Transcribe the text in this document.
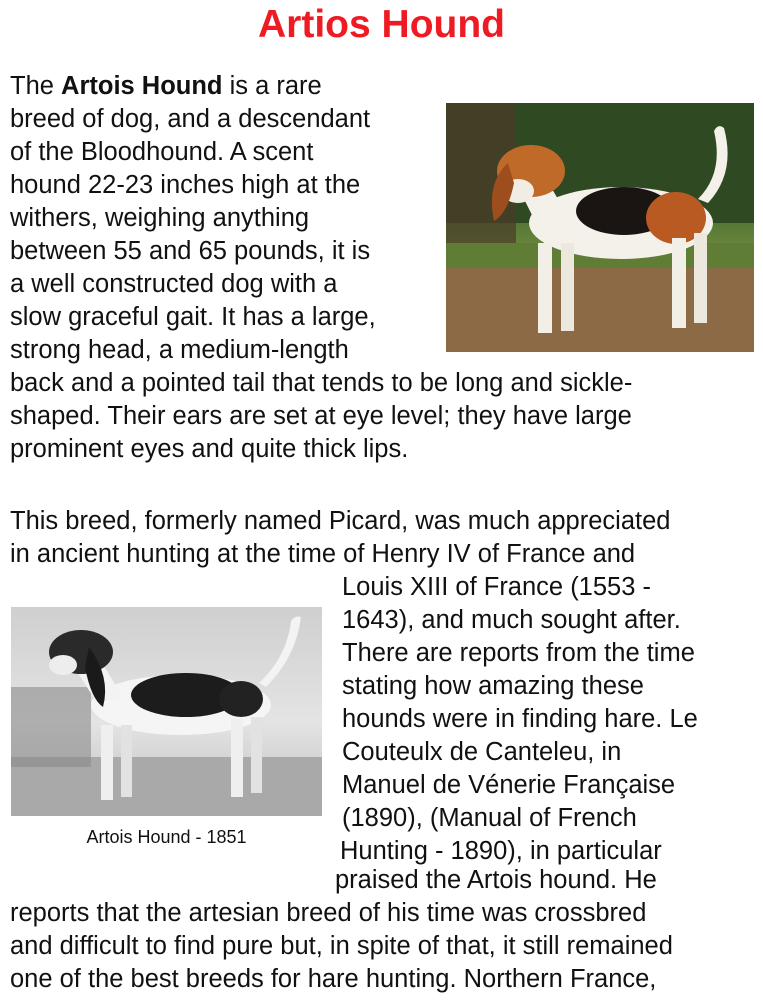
Artios Hound
The Artois Hound is a rare
breed of dog, and a descendant
of the Bloodhound. A scent
hound 22-23 inches high at the
withers, weighing anything
between 55 and 65 pounds, it is
a well constructed dog with a
slow graceful gait. It has a large,
strong head, a medium-length
back and a pointed tail that tends to be long and sickle-
shaped. Their ears are set at eye level; they have large
prominent eyes and quite thick lips.
This breed, formerly named Picard, was much appreciated
in ancient hunting at the time of Henry IV of France and
Louis XIII of France (1553 -
1643), and much sought after.
There are reports from the time
stating how amazing these
hounds were in finding hare. Le
Couteulx de Canteleu, in
Manuel de Vénerie Française
(1890), (Manual of French
Hunting - 1890), in particular
praised the Artois hound. He
reports that the artesian breed of his time was crossbred
and difficult to find pure but, in spite of that, it still remained
one of the best breeds for hare hunting. Northern France,
Artois Hound - 1851
